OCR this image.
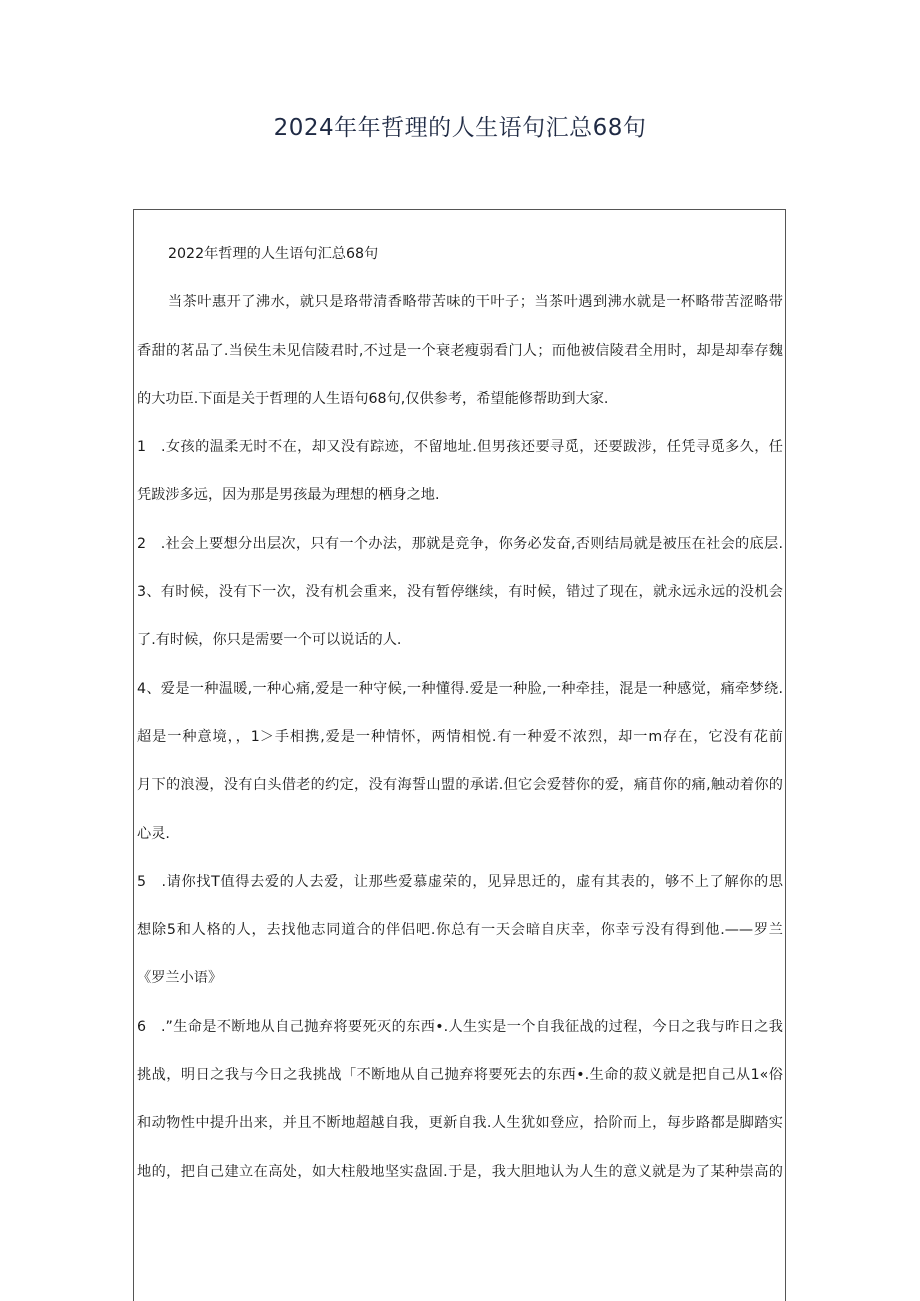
2024年年哲理的人生语句汇总68句

2022年哲理的人生语句汇总68句

当茶叶惠开了沸水，就只是珞带清香略带苦味的干叶子；当茶叶遇到沸水就是一杯略带苦涩略带

香甜的茗品了.当侯生未见信陵君时,不过是一个衰老瘦弱看门人；而他被信陵君全用时，却是却奉存魏

的大功臣.下面是关于哲理的人生语句68句,仅供参考，希望能修帮助到大家.

1　.女孩的温柔无时不在，却又没有踪迹，不留地址.但男孩还要寻觅，还要跋涉，任凭寻觅多久，任

凭跋涉多远，因为那是男孩最为理想的栖身之地.

2　.社会上要想分出层次，只有一个办法，那就是竞争，你务必发奋,否则结局就是被压在社会的底层.

3、有时候，没有下一次，没有机会重来，没有暂停继续，有时候，错过了现在，就永远永远的没机会

了.有时候，你只是需要一个可以说话的人.

4、爱是一种温暖,一种心痛,爱是一种守候,一种懂得.爱是一种脸,一种牵挂，混是一种感觉，痛牵梦绕.

超是一种意境，，1＞手相携,爱是一种情怀，两情相悦.有一种爱不浓烈，却一m存在，它没有花前

月下的浪漫，没有白头借老的约定，没有海誓山盟的承诺.但它会爱替你的爱，痛苜你的痛,触动着你的

心灵.

5　.请你找T值得去爱的人去爱，让那些爱慕虚荣的，见异思迁的，虚有其表的，够不上了解你的思

想除5和人格的人，去找他志同道合的伴侣吧.你总有一天会暗自庆幸，你幸亏没有得到他.——罗兰

《罗兰小语》

6　.”生命是不断地从自己抛弃将要死灭的东西•.人生实是一个自我征战的过程，今日之我与昨日之我

挑战，明日之我与今日之我挑战「不断地从自己抛弃将要死去的东西•.生命的菽义就是把自己从1«俗

和动物性中提升出来，并且不断地超越自我，更新自我.人生犹如登应，拾阶而上，每步路都是脚踏实

地的，把自己建立在高处，如大柱般地坚实盘固.于是，我大胆地认为人生的意义就是为了某种崇高的
